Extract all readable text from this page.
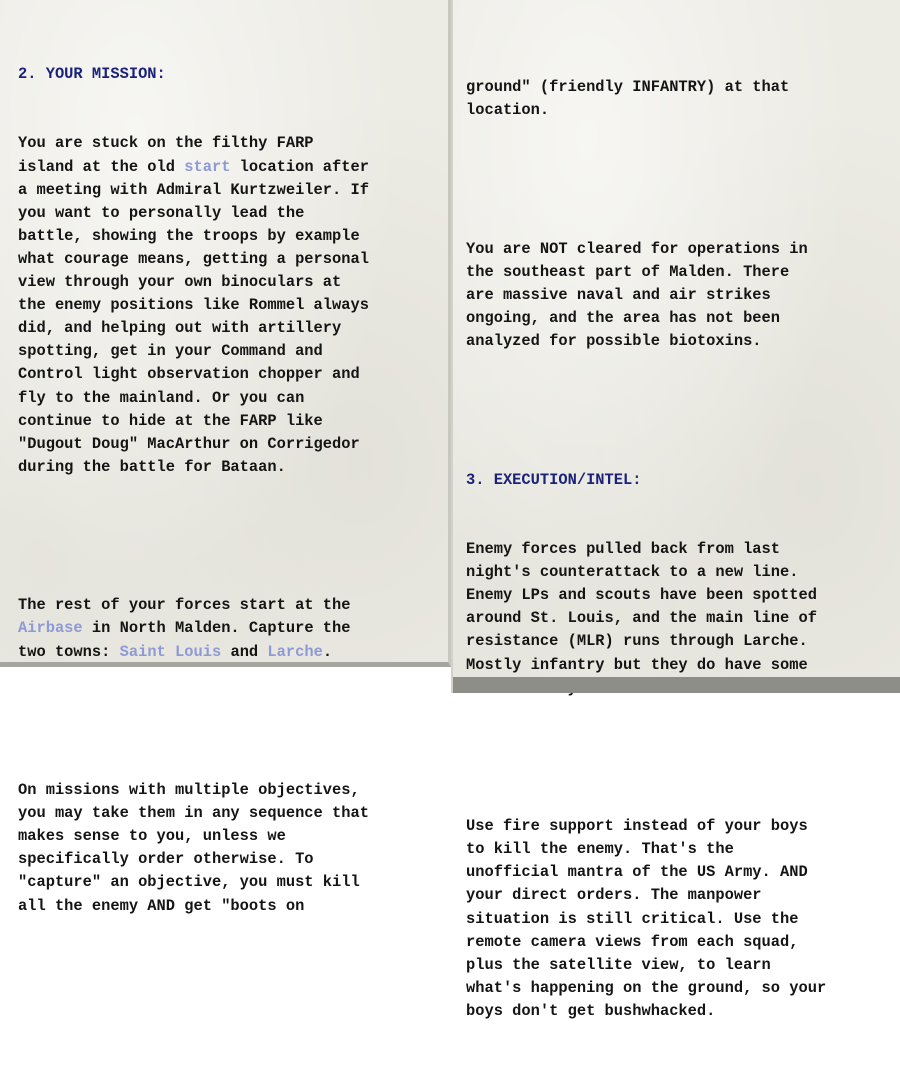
2. YOUR MISSION:

You are stuck on the filthy FARP
island at the old start location after
a meeting with Admiral Kurtzweiler. If
you want to personally lead the
battle, showing the troops by example
what courage means, getting a personal
view through your own binoculars at
the enemy positions like Rommel always
did, and helping out with artillery
spotting, get in your Command and
Control light observation chopper and
fly to the mainland. Or you can
continue to hide at the FARP like
"Dugout Doug" MacArthur on Corrigedor
during the battle for Bataan.

The rest of your forces start at the
Airbase in North Malden. Capture the
two towns: Saint Louis and Larche.

On missions with multiple objectives,
you may take them in any sequence that
makes sense to you, unless we
specifically order otherwise. To
"capture" an objective, you must kill
all the enemy AND get "boots on

ground" (friendly INFANTRY) at that
location.

You are NOT cleared for operations in
the southeast part of Malden. There
are massive naval and air strikes
ongoing, and the area has not been
analyzed for possible biotoxins.

3. EXECUTION/INTEL:

Enemy forces pulled back from last
night's counterattack to a new line.
Enemy LPs and scouts have been spotted
around St. Louis, and the main line of
resistance (MLR) runs through Larche.
Mostly infantry but they do have some

Use fire support instead of your boys
to kill the enemy. That's the
unofficial mantra of the US Army. AND
your direct orders. The manpower
situation is still critical. Use the
remote camera views from each squad,
plus the satellite view, to learn
what's happening on the ground, so your
boys don't get bushwhacked.
